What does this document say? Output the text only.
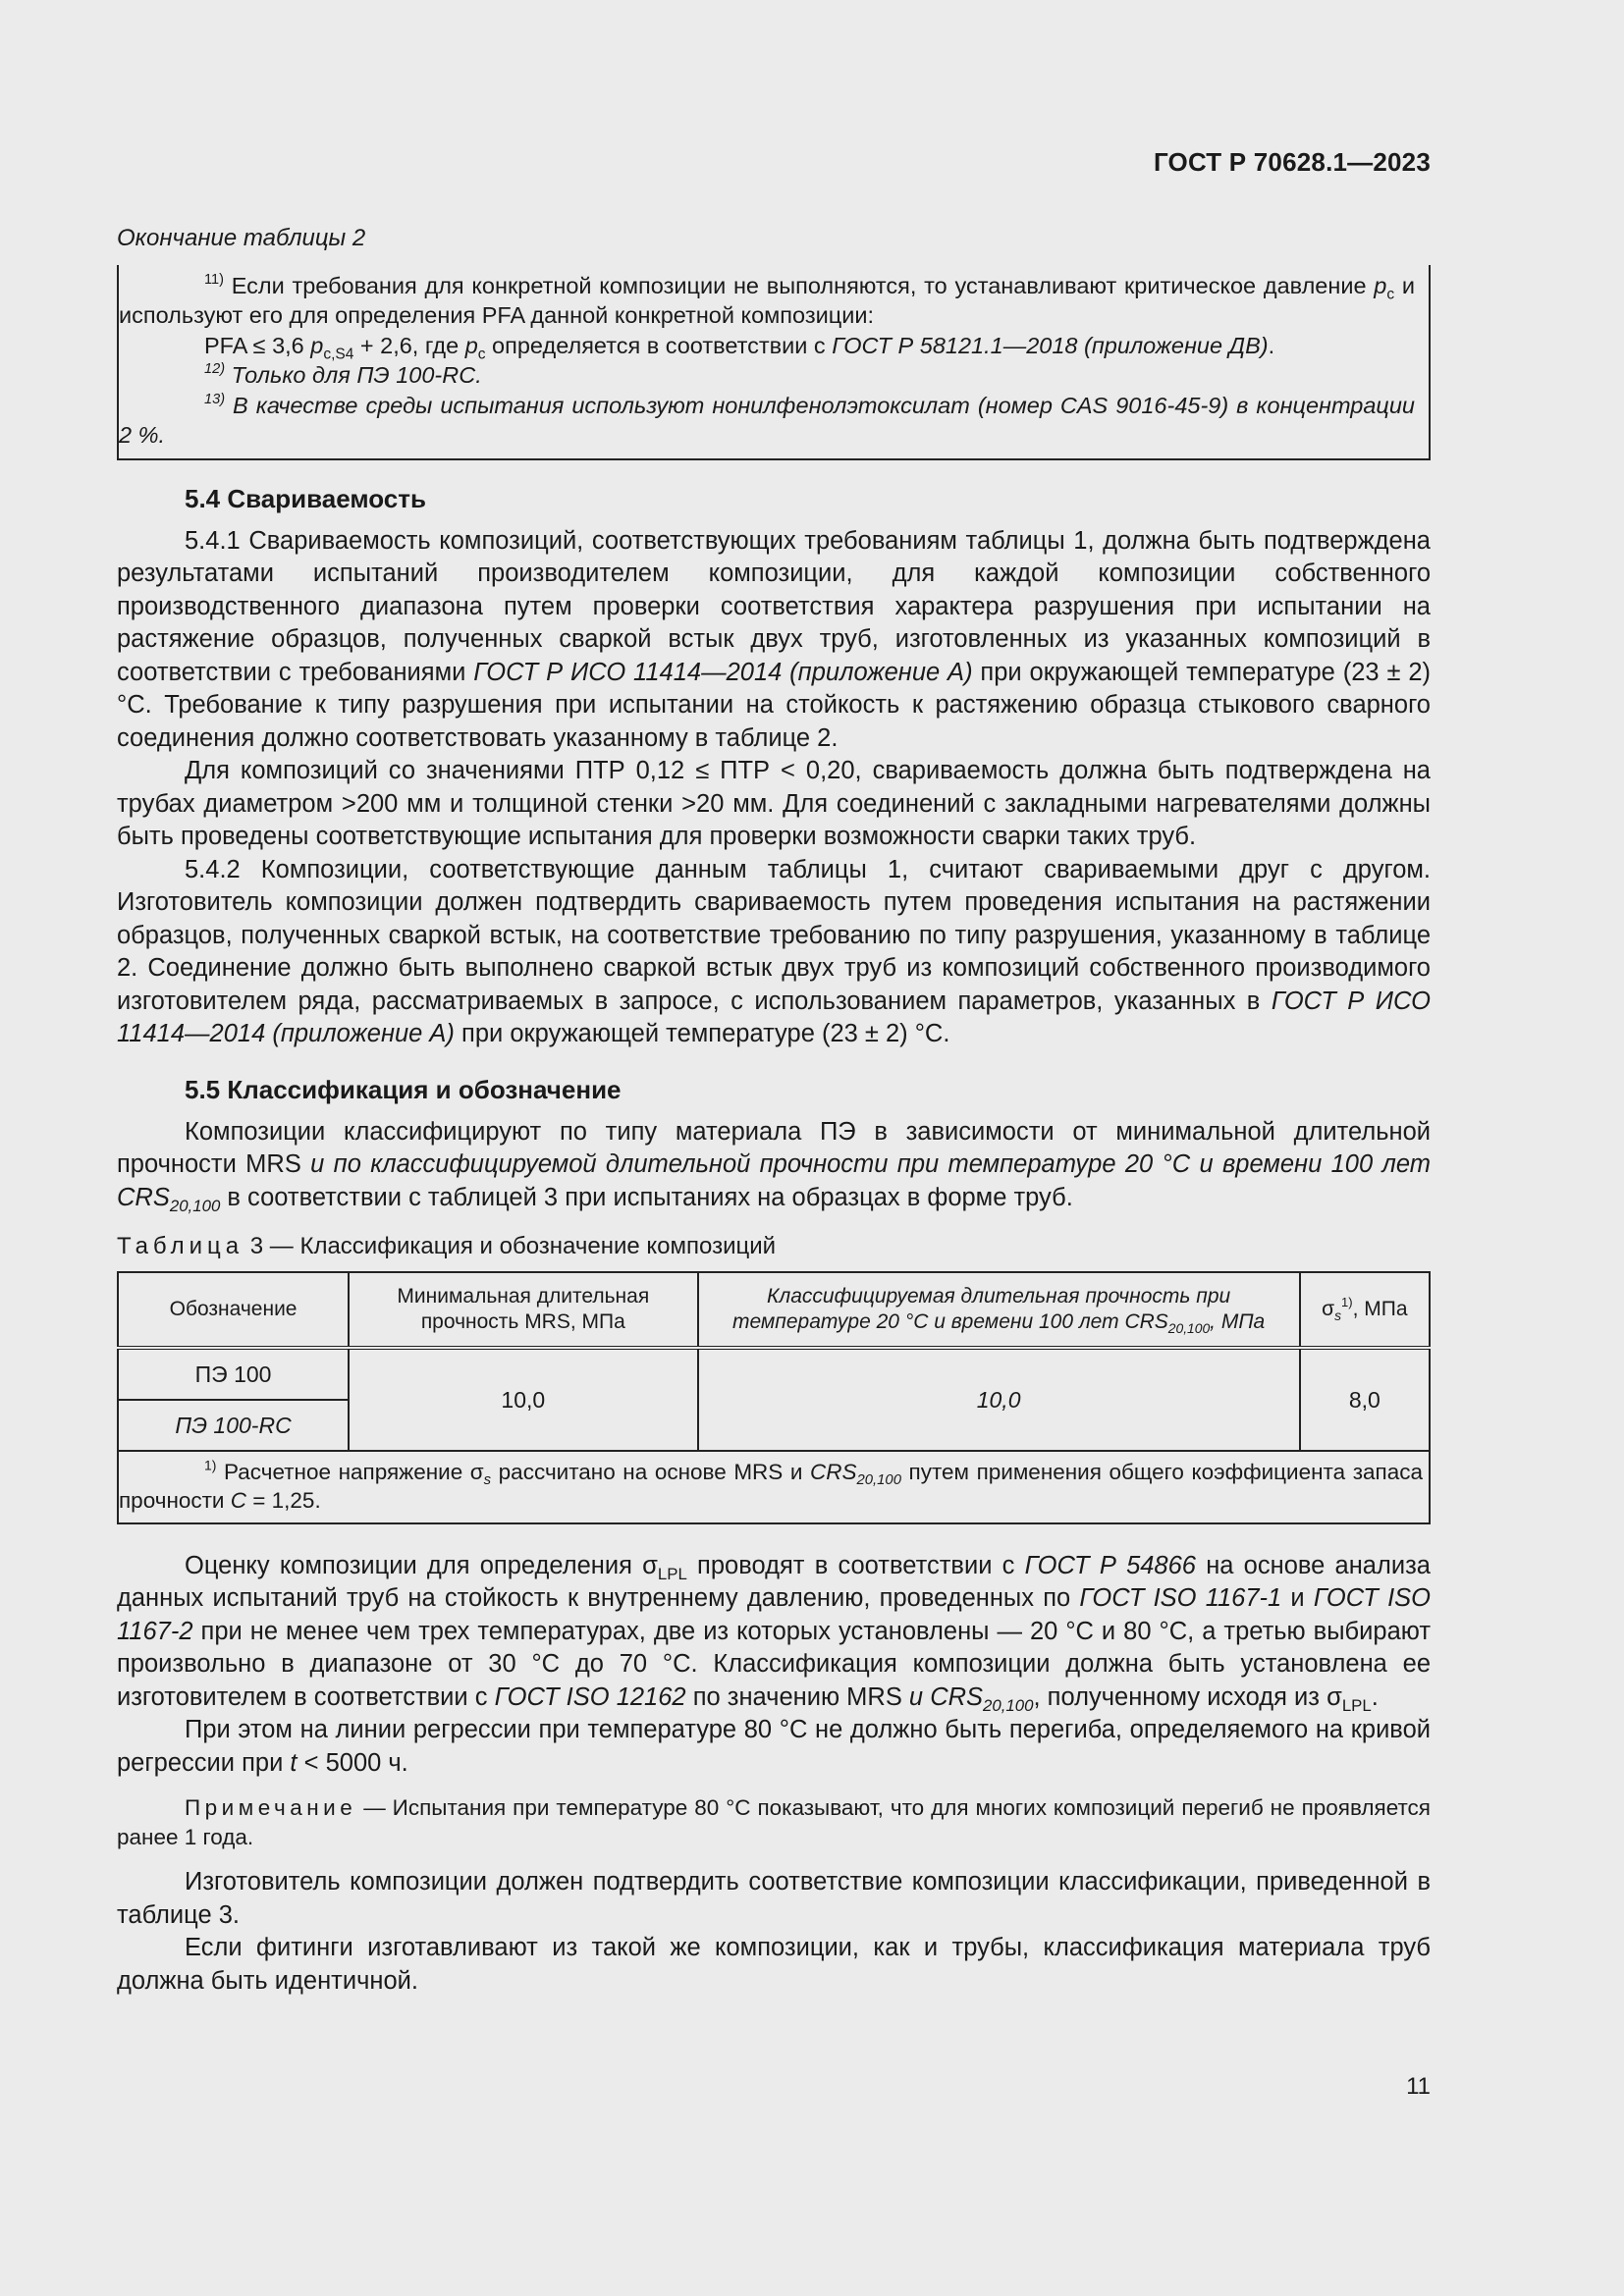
ГОСТ Р 70628.1—2023

Окончание таблицы 2

$^{11)}$ Если требования для конкретной композиции не выполняются, то устанавливают критическое давление $p_c$ и используют его для определения PFA данной конкретной композиции:

PFA ≤ 3,6 $p_{c,S4} + 2,6$, где $p_c$ определяется в соответствии с ГОСТ Р 58121.1—2018 (приложение ДВ).

$^{12)}$ Только для ПЭ 100-RC.

$^{13)}$ В качестве среды испытания используют нонилфенолэтоксилат (номер CAS 9016-45-9) в концентрации 2 %.

5.4 Свариваемость

5.4.1 Свариваемость композиций, соответствующих требованиям таблицы 1, должна быть подтверждена результатами испытаний производителем композиции, для каждой композиции собственного производственного диапазона путем проверки соответствия характера разрушения при испытании на растяжение образцов, полученных сваркой встык двух труб, изготовленных из указанных композиций в соответствии с требованиями ГОСТ Р ИСО 11414—2014 (приложение А) при окружающей температуре (23 ± 2) °С. Требование к типу разрушения при испытании на стойкость к растяжению образца стыкового сварного соединения должно соответствовать указанному в таблице 2.

Для композиций со значениями ПТР 0,12 ≤ ПТР < 0,20, свариваемость должна быть подтверждена на трубах диаметром >200 мм и толщиной стенки >20 мм. Для соединений с закладными нагревателями должны быть проведены соответствующие испытания для проверки возможности сварки таких труб.

5.4.2 Композиции, соответствующие данным таблицы 1, считают свариваемыми друг с другом. Изготовитель композиции должен подтвердить свариваемость путем проведения испытания на растяжении образцов, полученных сваркой встык, на соответствие требованию по типу разрушения, указанному в таблице 2. Соединение должно быть выполнено сваркой встык двух труб из композиций собственного производимого изготовителем ряда, рассматриваемых в запросе, с использованием параметров, указанных в ГОСТ Р ИСО 11414—2014 (приложение А) при окружающей температуре (23 ± 2) °С.

5.5 Классификация и обозначение

Композиции классифицируют по типу материала ПЭ в зависимости от минимальной длительной прочности MRS и по классифицируемой длительной прочности при температуре 20 °С и времени 100 лет $CRS_{20,100}$ в соответствии с таблицей 3 при испытаниях на образцах в форме труб.

Таблица 3 — Классификация и обозначение композиций

Обозначение	Минимальная длительная прочность MRS, МПа	Классифицируемая длительная прочность при температуре 20 °С и времени 100 лет $CRS_{20,100}$, МПа	$\sigma_s^{1)}$, МПа
ПЭ 100	10,0	10,0	8,0
ПЭ 100-RC			
$^{1)}$ Расчетное напряжение $\sigma_s$ рассчитано на основе MRS и $CRS_{20,100}$ путем применения общего коэффициента запаса прочности C = 1,25.			

Оценку композиции для определения $\sigma_{LPL}$ проводят в соответствии с ГОСТ Р 54866 на основе анализа данных испытаний труб на стойкость к внутреннему давлению, проведенных по ГОСТ ISO 1167-1 и ГОСТ ISO 1167-2 при не менее чем трех температурах, две из которых установлены — 20 °С и 80 °С, а третью выбирают произвольно в диапазоне от 30 °С до 70 °С. Классификация композиции должна быть установлена ее изготовителем в соответствии с ГОСТ ISO 12162 по значению MRS и $CRS_{20,100}$, полученному исходя из $\sigma_{LPL}$.

При этом на линии регрессии при температуре 80 °С не должно быть перегиба, определяемого на кривой регрессии при t < 5000 ч.

Примечание — Испытания при температуре 80 °С показывают, что для многих композиций перегиб не проявляется ранее 1 года.

Изготовитель композиции должен подтвердить соответствие композиции классификации, приведенной в таблице 3.

Если фитинги изготавливают из такой же композиции, как и трубы, классификация материала труб должна быть идентичной.

11
